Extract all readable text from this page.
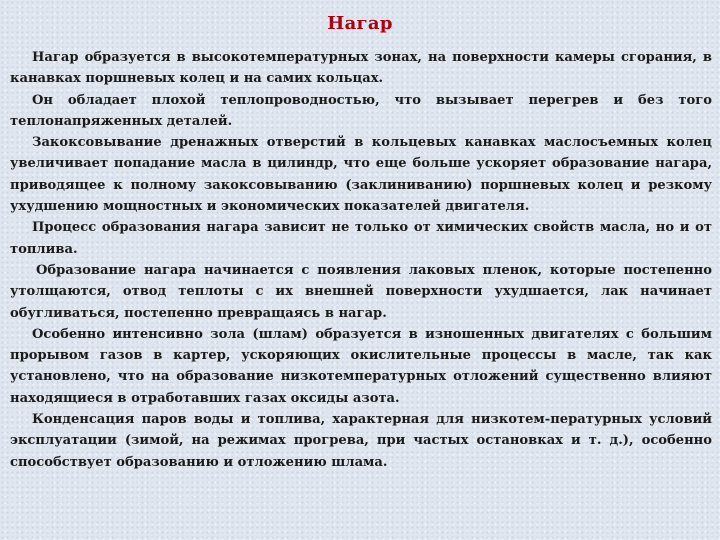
Нагар

Нагар образуется в высокотемпературных зонах, на поверхности камеры сгорания, в канавках поршневых колец и на самих кольцах.

Он обладает плохой теплопроводностью, что вызывает перегрев и без того теплонапряженных деталей.

Закоксовывание дренажных отверстий в кольцевых канавках маслосъемных колец увеличивает попадание масла в цилиндр, что еще больше ускоряет образование нагара, приводящее к полному закоксовыванию (заклиниванию) поршневых колец и резкому ухудшению мощностных и экономических показателей двигателя.

Процесс образования нагара зависит не только от химических свойств масла, но и от топлива.

Образование нагара начинается с появления лаковых пленок, которые постепенно утолщаются, отвод теплоты с их внешней поверхности ухудшается, лак начинает обугливаться, постепенно превращаясь в нагар.

Особенно интенсивно зола (шлам) образуется в изношенных двигателях с большим прорывом газов в картер, ускоряющих окислительные процессы в масле, так как установлено, что на образование низкотемпературных отложений существенно влияют находящиеся в отработавших газах оксиды азота.

Конденсация паров воды и топлива, характерная для низкотем-пературных условий эксплуатации (зимой, на режимах прогрева, при частых остановках и т. д.), особенно способствует образованию и отложению шлама.
